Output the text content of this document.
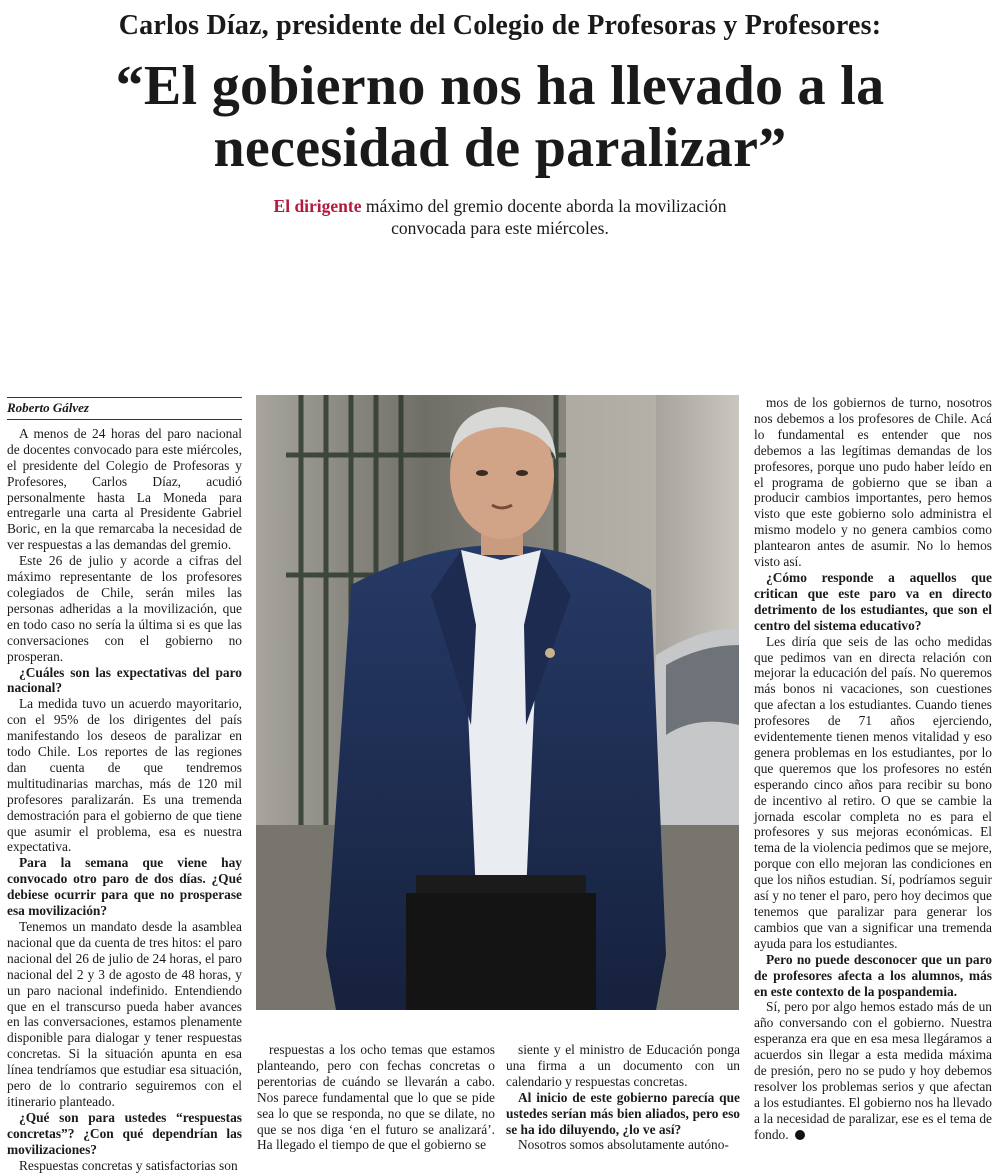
Carlos Díaz, presidente del Colegio de Profesoras y Profesores:
“El gobierno nos ha llevado a la
necesidad de paralizar”
El dirigente máximo del gremio docente aborda la movilización convocada para este miércoles.
Roberto Gálvez

A menos de 24 horas del paro nacional de docentes convocado para este miércoles, el presidente del Colegio de Profesoras y Profesores, Carlos Díaz, acudió personalmente hasta La Moneda para entregarle una carta al Presidente Gabriel Boric, en la que remarcaba la necesidad de ver respuestas a las demandas del gremio.

Este 26 de julio y acorde a cifras del máximo representante de los profesores colegiados de Chile, serán miles las personas adheridas a la movilización, que en todo caso no sería la última si es que las conversaciones con el gobierno no prosperan.

¿Cuáles son las expectativas del paro nacional?

La medida tuvo un acuerdo mayoritario, con el 95% de los dirigentes del país manifestando los deseos de paralizar en todo Chile. Los reportes de las regiones dan cuenta de que tendremos multitudinarias marchas, más de 120 mil profesores paralizarán. Es una tremenda demostración para el gobierno de que tiene que asumir el problema, esa es nuestra expectativa.

Para la semana que viene hay convocado otro paro de dos días. ¿Qué debiese ocurrir para que no prosperase esa movilización?

Tenemos un mandato desde la asamblea nacional que da cuenta de tres hitos: el paro nacional del 26 de julio de 24 horas, el paro nacional del 2 y 3 de agosto de 48 horas, y un paro nacional indefinido. Entendiendo que en el transcurso pueda haber avances en las conversaciones, estamos plenamente disponible para dialogar y tener respuestas concretas. Si la situación apunta en esa línea tendríamos que estudiar esa situación, pero de lo contrario seguiremos con el itinerario planteado.

¿Qué son para ustedes “respuestas concretas”? ¿Con qué dependrían las movilizaciones?

Respuestas concretas y satisfactorias son

respuestas a los ocho temas que estamos planteando, pero con fechas concretas o perentorias de cuándo se llevarán a cabo. Nos parece fundamental que lo que se pide sea lo que se responda, no que se dilate, no que se nos diga ‘en el futuro se analizará’. Ha llegado el tiempo de que el gobierno se

siente y el ministro de Educación ponga una firma a un documento con un calendario y respuestas concretas.

Al inicio de este gobierno parecía que ustedes serían más bien aliados, pero eso se ha ido diluyendo, ¿lo ve así?

Nosotros somos absolutamente autóno-

mos de los gobiernos de turno, nosotros nos debemos a los profesores de Chile. Acá lo fundamental es entender que nos debemos a las legítimas demandas de los profesores, porque uno pudo haber leído en el programa de gobierno que se iban a producir cambios importantes, pero hemos visto que este gobierno solo administra el mismo modelo y no genera cambios como plantearon antes de asumir. No lo hemos visto así.

¿Cómo responde a aquellos que critican que este paro va en directo detrimento de los estudiantes, que son el centro del sistema educativo?

Les diría que seis de las ocho medidas que pedimos van en directa relación con mejorar la educación del país. No queremos más bonos ni vacaciones, son cuestiones que afectan a los estudiantes. Cuando tienes profesores de 71 años ejerciendo, evidentemente tienen menos vitalidad y eso genera problemas en los estudiantes, por lo que queremos que los profesores no estén esperando cinco años para recibir su bono de incentivo al retiro. O que se cambie la jornada escolar completa no es para el profesores y sus mejoras económicas. El tema de la violencia pedimos que se mejore, porque con ello mejoran las condiciones en que los niños estudian. Sí, podríamos seguir así y no tener el paro, pero hoy decimos que tenemos que paralizar para generar los cambios que van a significar una tremenda ayuda para los estudiantes.

Pero no puede desconocer que un paro de profesores afecta a los alumnos, más en este contexto de la pospandemia.

Sí, pero por algo hemos estado más de un año conversando con el gobierno. Nuestra esperanza era que en esa mesa llegáramos a acuerdos sin llegar a esta medida máxima de presión, pero no se pudo y hoy debemos resolver los problemas serios y que afectan a los estudiantes. El gobierno nos ha llevado a la necesidad de paralizar, ese es el tema de fondo.
